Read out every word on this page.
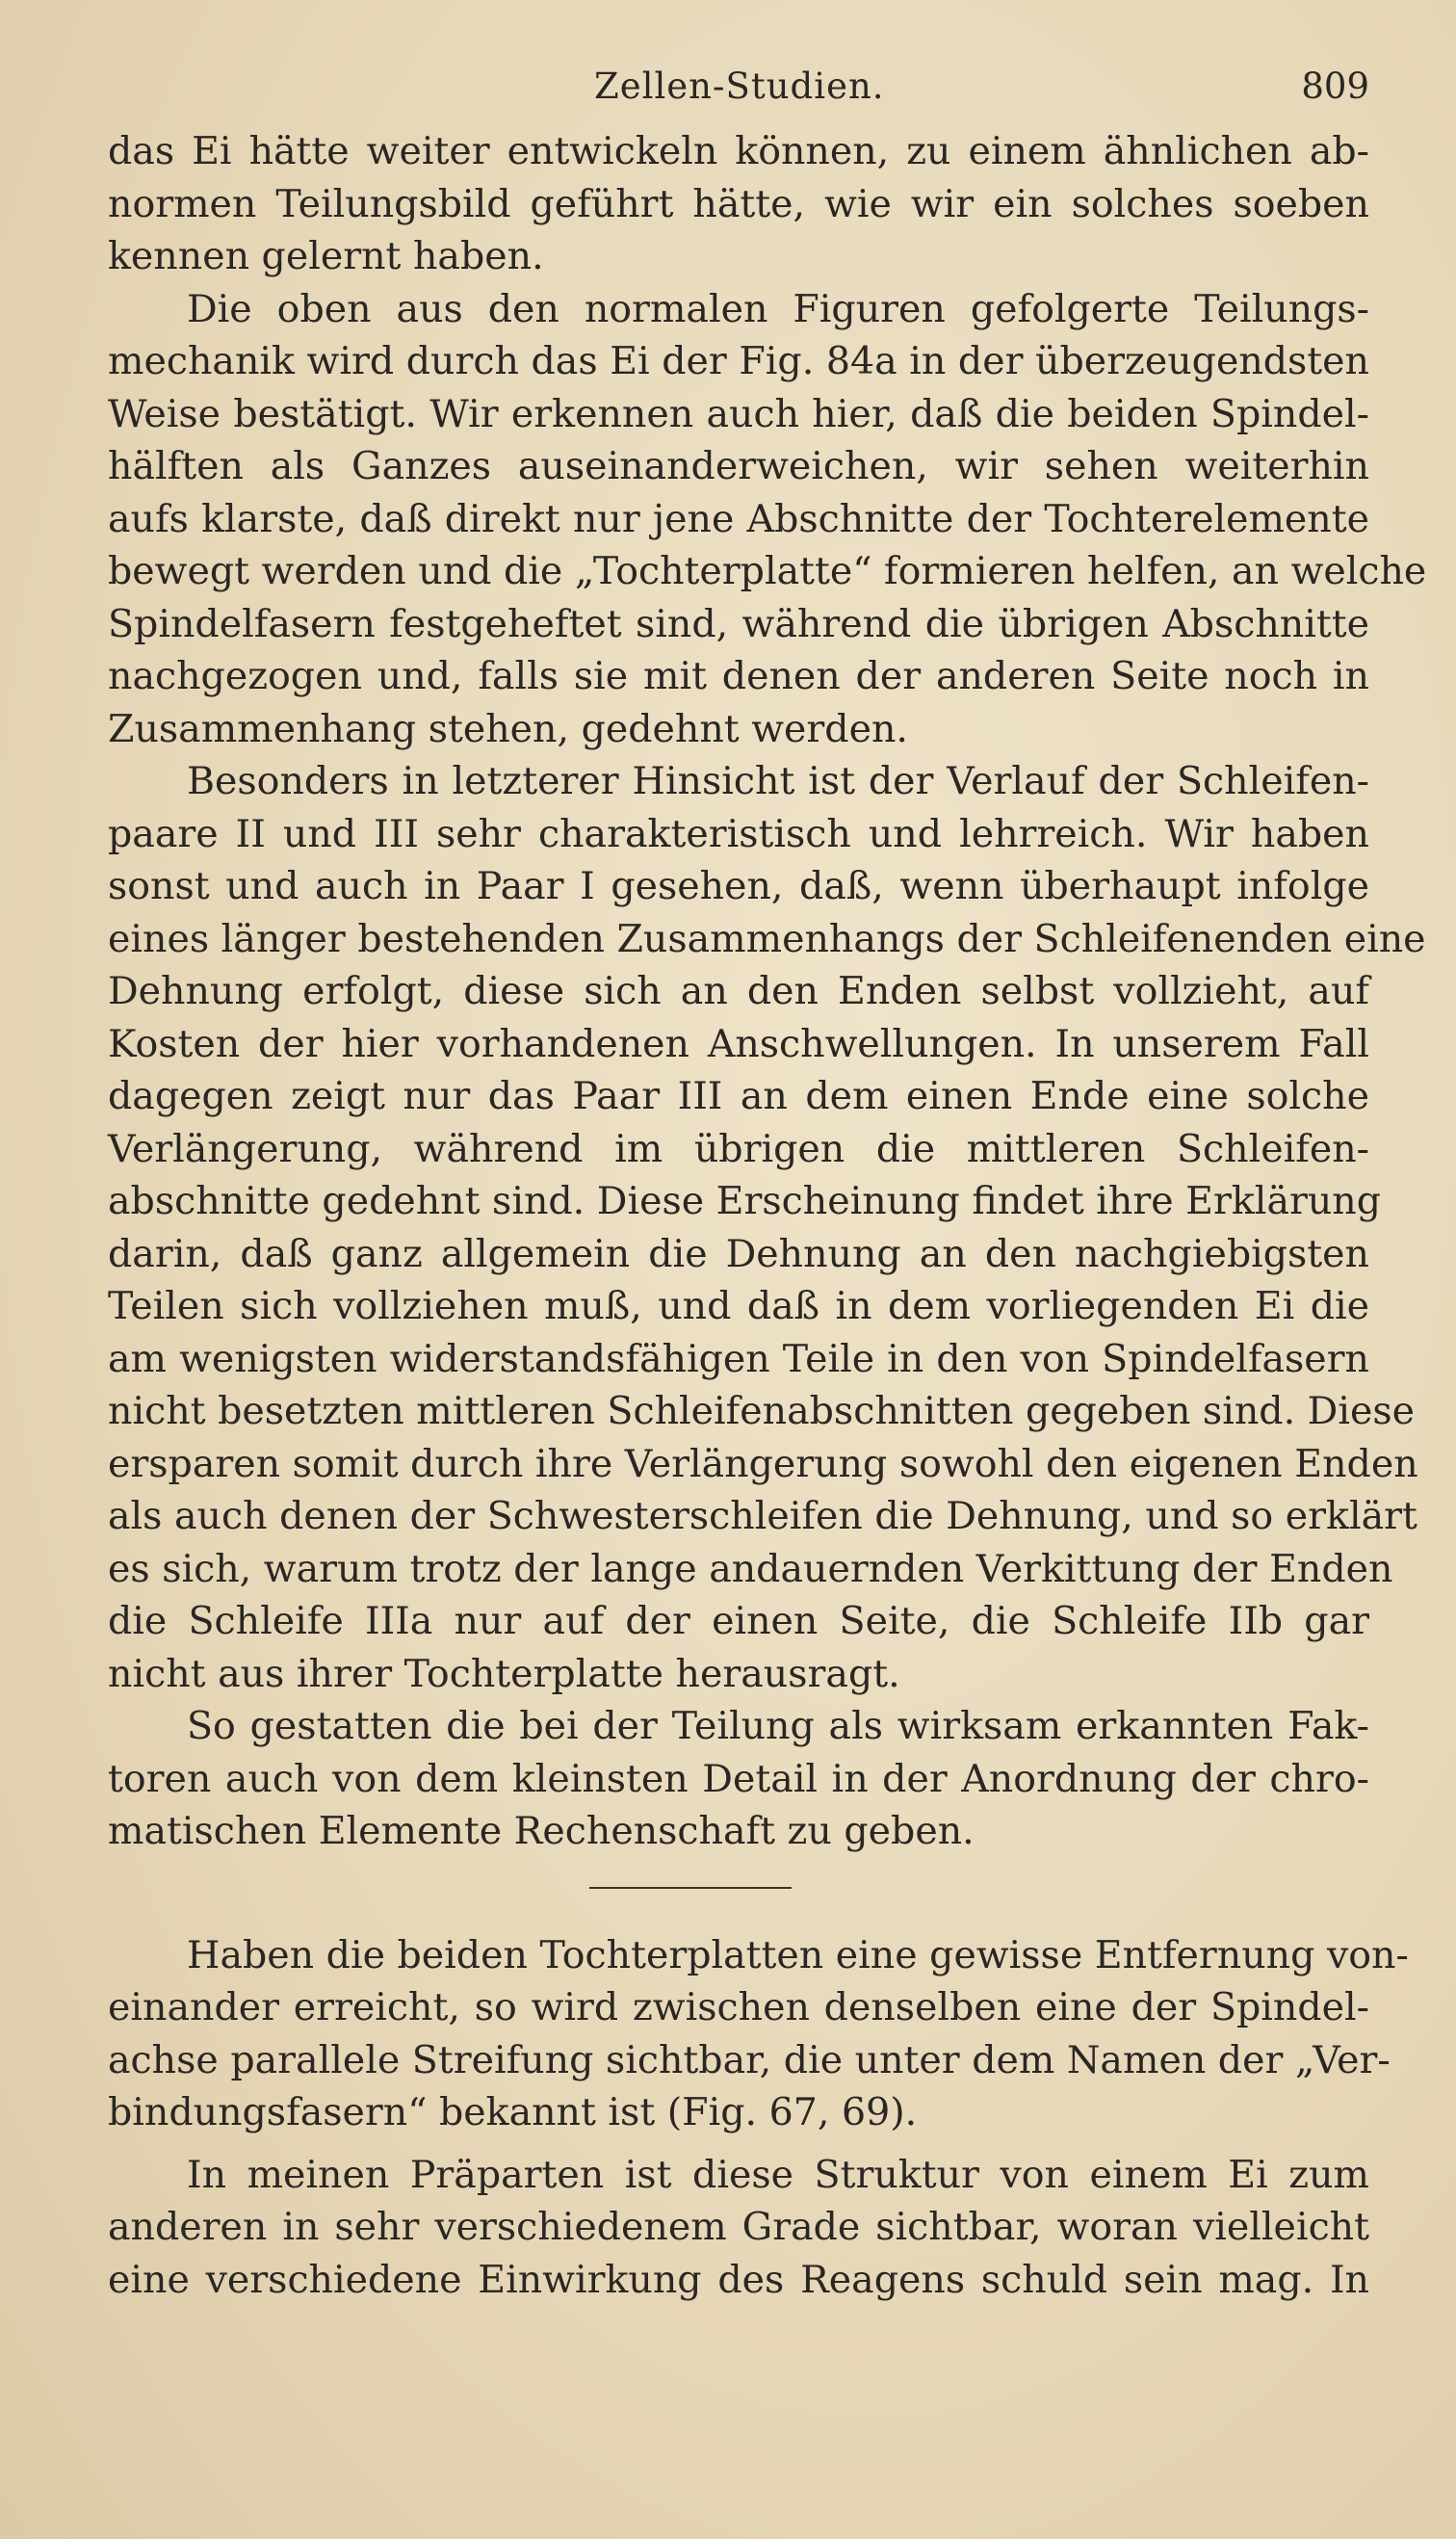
Zellen-Studien.	809
das Ei hätte weiter entwickeln können, zu einem ähnlichen ab-
normen Teilungsbild geführt hätte, wie wir ein solches soeben
kennen gelernt haben.
Die oben aus den normalen Figuren gefolgerte Teilungs-
mechanik wird durch das Ei der Fig. 84a in der überzeugendsten
Weise bestätigt. Wir erkennen auch hier, daß die beiden Spindel-
hälften als Ganzes auseinanderweichen, wir sehen weiterhin
aufs klarste, daß direkt nur jene Abschnitte der Tochterelemente
bewegt werden und die „Tochterplatte“ formieren helfen, an welche
Spindelfasern festgeheftet sind, während die übrigen Abschnitte
nachgezogen und, falls sie mit denen der anderen Seite noch in
Zusammenhang stehen, gedehnt werden.
Besonders in letzterer Hinsicht ist der Verlauf der Schleifen-
paare II und III sehr charakteristisch und lehrreich. Wir haben
sonst und auch in Paar I gesehen, daß, wenn überhaupt infolge
eines länger bestehenden Zusammenhangs der Schleifenenden eine
Dehnung erfolgt, diese sich an den Enden selbst vollzieht, auf
Kosten der hier vorhandenen Anschwellungen. In unserem Fall
dagegen zeigt nur das Paar III an dem einen Ende eine solche
Verlängerung, während im übrigen die mittleren Schleifen-
abschnitte gedehnt sind. Diese Erscheinung findet ihre Erklärung
darin, daß ganz allgemein die Dehnung an den nachgiebigsten
Teilen sich vollziehen muß, und daß in dem vorliegenden Ei die
am wenigsten widerstandsfähigen Teile in den von Spindelfasern
nicht besetzten mittleren Schleifenabschnitten gegeben sind. Diese
ersparen somit durch ihre Verlängerung sowohl den eigenen Enden
als auch denen der Schwesterschleifen die Dehnung, und so erklärt
es sich, warum trotz der lange andauernden Verkittung der Enden
die Schleife IIIa nur auf der einen Seite, die Schleife IIb gar
nicht aus ihrer Tochterplatte herausragt.
So gestatten die bei der Teilung als wirksam erkannten Fak-
toren auch von dem kleinsten Detail in der Anordnung der chro-
matischen Elemente Rechenschaft zu geben.
Haben die beiden Tochterplatten eine gewisse Entfernung von-
einander erreicht, so wird zwischen denselben eine der Spindel-
achse parallele Streifung sichtbar, die unter dem Namen der „Ver-
bindungsfasern“ bekannt ist (Fig. 67, 69).
In meinen Präparten ist diese Struktur von einem Ei zum
anderen in sehr verschiedenem Grade sichtbar, woran vielleicht
eine verschiedene Einwirkung des Reagens schuld sein mag. In
